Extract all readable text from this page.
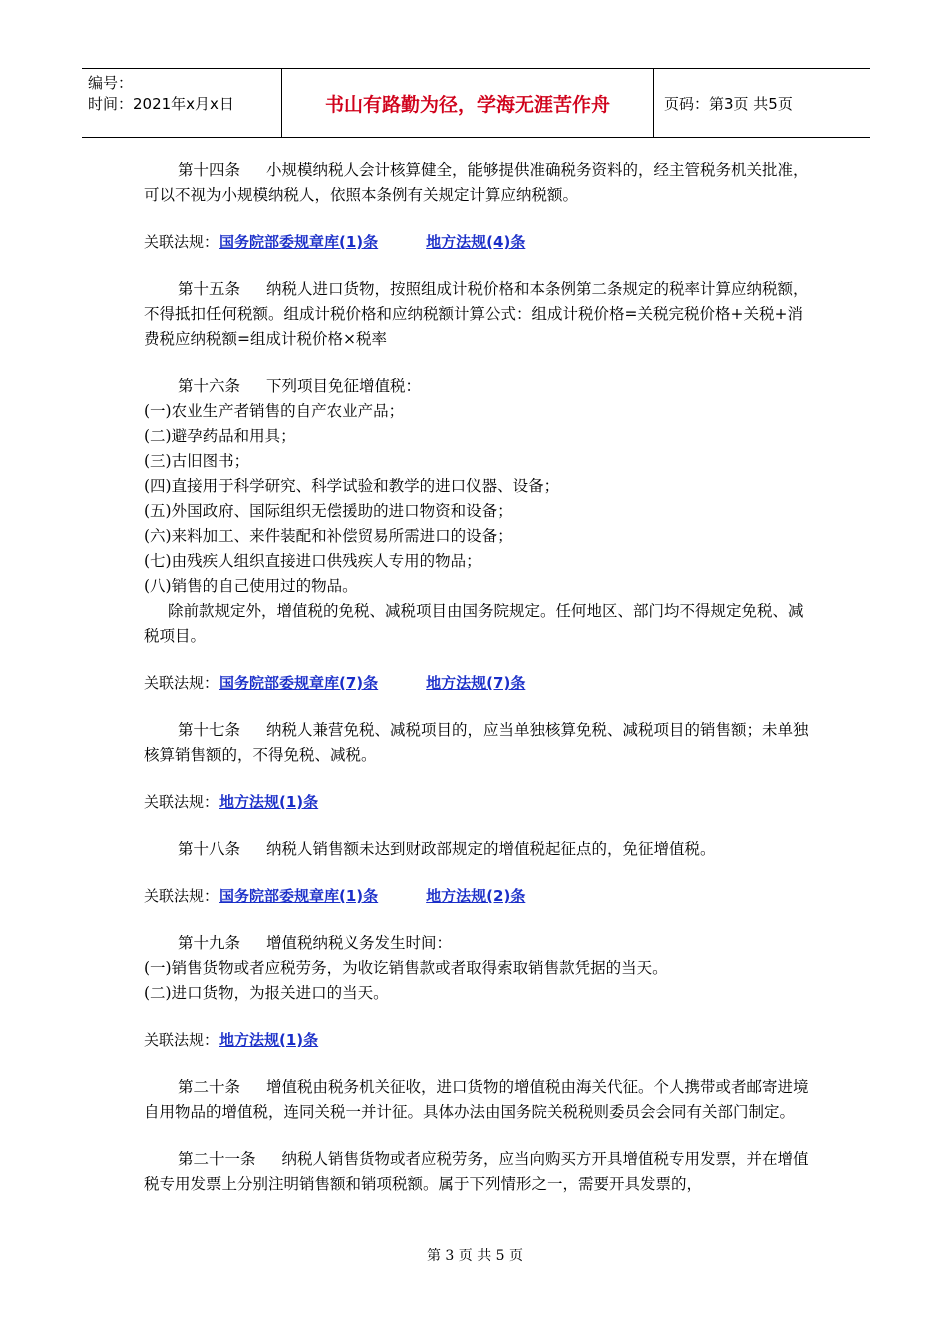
编号：
时间：2021年x月x日	书山有路勤为径，学海无涯苦作舟	页码：第3页 共5页

第十四条 小规模纳税人会计核算健全，能够提供准确税务资料的，经主管税务机关批准，可以不视为小规模纳税人，依照本条例有关规定计算应纳税额。

关联法规：国务院部委规章库(1)条	地方法规(4)条

第十五条 纳税人进口货物，按照组成计税价格和本条例第二条规定的税率计算应纳税额，不得抵扣任何税额。组成计税价格和应纳税额计算公式：组成计税价格=关税完税价格+关税+消费税应纳税额=组成计税价格×税率

第十六条 下列项目免征增值税：

(一)农业生产者销售的自产农业产品；

(二)避孕药品和用具；

(三)古旧图书；

(四)直接用于科学研究、科学试验和教学的进口仪器、设备；

(五)外国政府、国际组织无偿援助的进口物资和设备；

(六)来料加工、来件装配和补偿贸易所需进口的设备；

(七)由残疾人组织直接进口供残疾人专用的物品；

(八)销售的自己使用过的物品。

除前款规定外，增值税的免税、减税项目由国务院规定。任何地区、部门均不得规定免税、减税项目。

关联法规：国务院部委规章库(7)条	地方法规(7)条

第十七条 纳税人兼营免税、减税项目的，应当单独核算免税、减税项目的销售额；未单独核算销售额的，不得免税、减税。

关联法规：地方法规(1)条

第十八条 纳税人销售额未达到财政部规定的增值税起征点的，免征增值税。

关联法规：国务院部委规章库(1)条	地方法规(2)条

第十九条 增值税纳税义务发生时间：

(一)销售货物或者应税劳务，为收讫销售款或者取得索取销售款凭据的当天。

(二)进口货物，为报关进口的当天。

关联法规：地方法规(1)条

第二十条 增值税由税务机关征收，进口货物的增值税由海关代征。个人携带或者邮寄进境自用物品的增值税，连同关税一并计征。具体办法由国务院关税税则委员会会同有关部门制定。

第二十一条 纳税人销售货物或者应税劳务，应当向购买方开具增值税专用发票，并在增值税专用发票上分别注明销售额和销项税额。属于下列情形之一，需要开具发票的，

第 3 页 共 5 页
